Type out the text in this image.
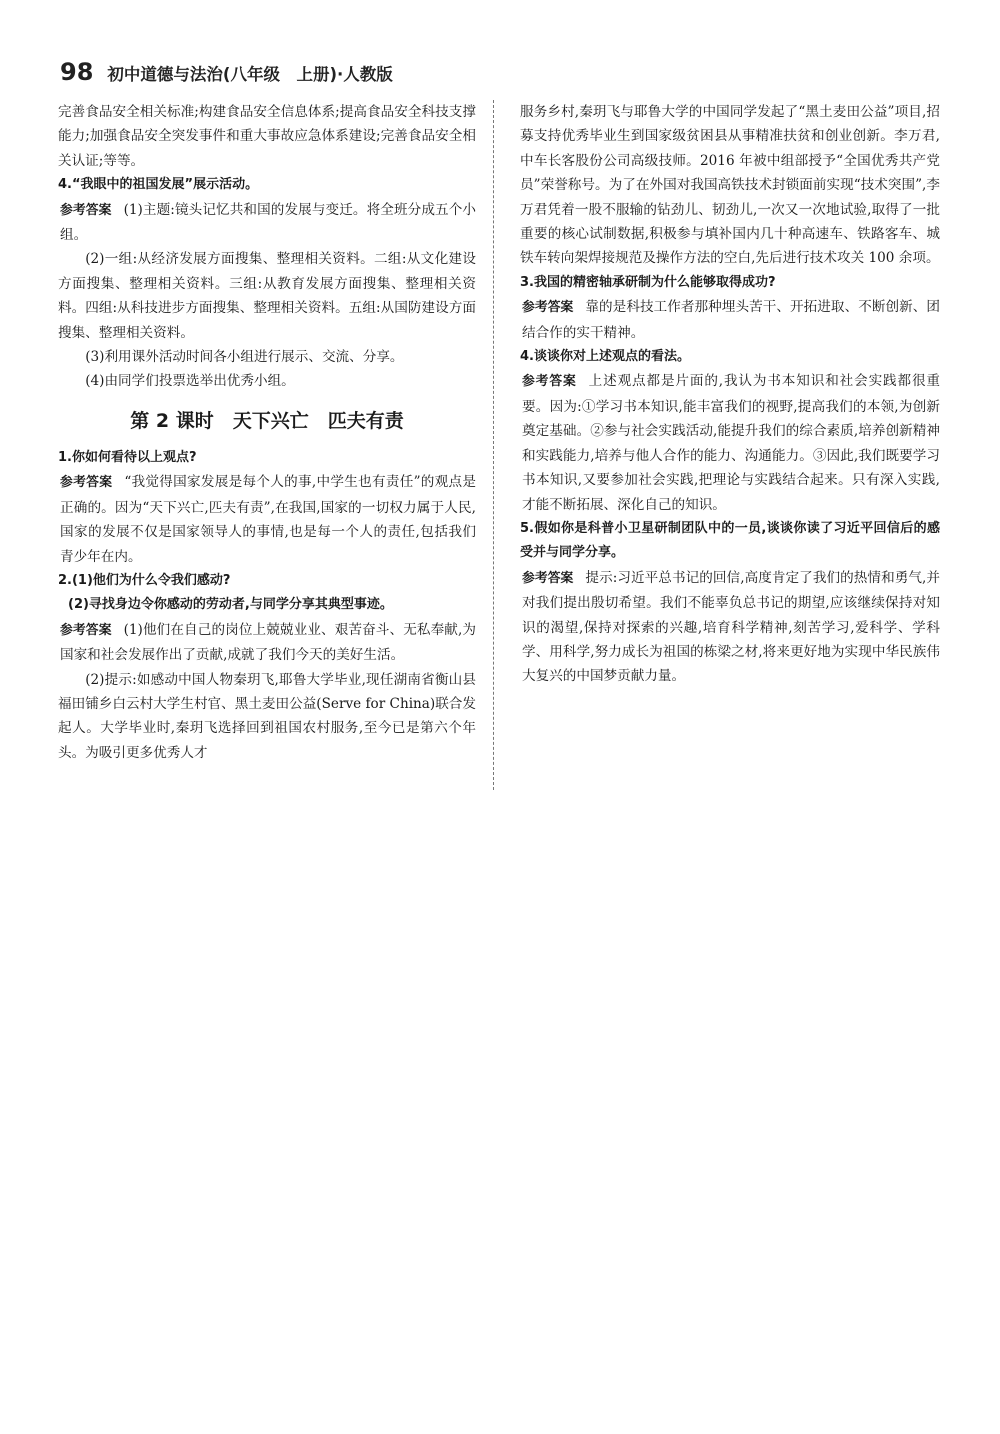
98 初中道德与法治(八年级　上册)·人教版

完善食品安全相关标准;构建食品安全信息体系;提高食品安全科技支撑能力;加强食品安全突发事件和重大事故应急体系建设;完善食品安全相关认证;等等。

4.“我眼中的祖国发展”展示活动。

参考答案 (1)主题:镜头记忆共和国的发展与变迁。将全班分成五个小组。

(2)一组:从经济发展方面搜集、整理相关资料。二组:从文化建设方面搜集、整理相关资料。三组:从教育发展方面搜集、整理相关资料。四组:从科技进步方面搜集、整理相关资料。五组:从国防建设方面搜集、整理相关资料。

(3)利用课外活动时间各小组进行展示、交流、分享。

(4)由同学们投票选举出优秀小组。

第 2 课时　天下兴亡　匹夫有责

1.你如何看待以上观点?

参考答案 “我觉得国家发展是每个人的事,中学生也有责任”的观点是正确的。因为“天下兴亡,匹夫有责”,在我国,国家的一切权力属于人民,国家的发展不仅是国家领导人的事情,也是每一个人的责任,包括我们青少年在内。

2.(1)他们为什么令我们感动?

(2)寻找身边令你感动的劳动者,与同学分享其典型事迹。

参考答案 (1)他们在自己的岗位上兢兢业业、艰苦奋斗、无私奉献,为国家和社会发展作出了贡献,成就了我们今天的美好生活。

(2)提示:如感动中国人物秦玥飞,耶鲁大学毕业,现任湖南省衡山县福田铺乡白云村大学生村官、黑土麦田公益(Serve for China)联合发起人。大学毕业时,秦玥飞选择回到祖国农村服务,至今已是第六个年头。为吸引更多优秀人才

服务乡村,秦玥飞与耶鲁大学的中国同学发起了“黑土麦田公益”项目,招募支持优秀毕业生到国家级贫困县从事精准扶贫和创业创新。李万君,中车长客股份公司高级技师。2016 年被中组部授予“全国优秀共产党员”荣誉称号。为了在外国对我国高铁技术封锁面前实现“技术突围”,李万君凭着一股不服输的钻劲儿、韧劲儿,一次又一次地试验,取得了一批重要的核心试制数据,积极参与填补国内几十种高速车、铁路客车、城铁车转向架焊接规范及操作方法的空白,先后进行技术攻关 100 余项。

3.我国的精密轴承研制为什么能够取得成功?

参考答案 靠的是科技工作者那种埋头苦干、开拓进取、不断创新、团结合作的实干精神。

4.谈谈你对上述观点的看法。

参考答案 上述观点都是片面的,我认为书本知识和社会实践都很重要。因为:①学习书本知识,能丰富我们的视野,提高我们的本领,为创新奠定基础。②参与社会实践活动,能提升我们的综合素质,培养创新精神和实践能力,培养与他人合作的能力、沟通能力。③因此,我们既要学习书本知识,又要参加社会实践,把理论与实践结合起来。只有深入实践,才能不断拓展、深化自己的知识。

5.假如你是科普小卫星研制团队中的一员,谈谈你读了习近平回信后的感受并与同学分享。

参考答案 提示:习近平总书记的回信,高度肯定了我们的热情和勇气,并对我们提出殷切希望。我们不能辜负总书记的期望,应该继续保持对知识的渴望,保持对探索的兴趣,培育科学精神,刻苦学习,爱科学、学科学、用科学,努力成长为祖国的栋梁之材,将来更好地为实现中华民族伟大复兴的中国梦贡献力量。
